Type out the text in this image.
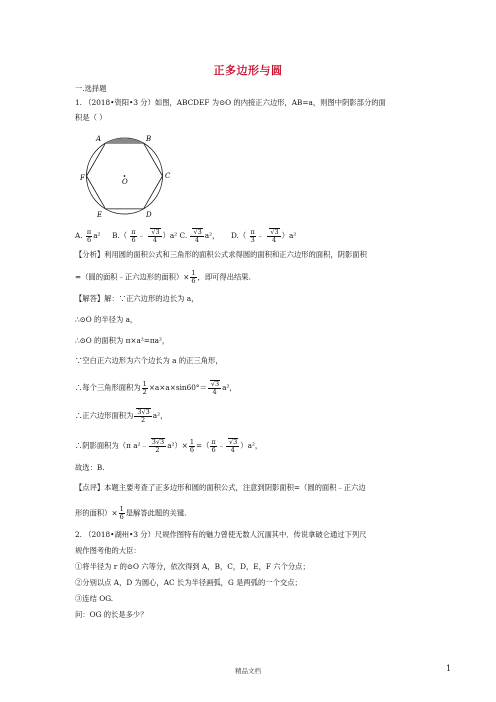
正多边形与圆
一.选择题
1. （2018•资阳•3 分）如图，ABCDEF 为⊙O 的内接正六边形，AB=a，则图中阴影部分的面
积是（ ）
A	B
C
D
E
F	O
A. $\frac{\pi}{6} a^2$ $B.( \frac{\pi}{6}$ ﹣ $\frac{√3}{4} )a^2$ C. $\frac{√3}{4} a^2$， $D.( \frac{\pi}{3}$ ﹣ $\frac{√3}{4} )a^2$
【分析】利用圆的面积公式和三角形的面积公式求得圆的面积和正六边形的面积，阴影面积
=（圆的面积﹣正六边形的面积）× $\frac{1}{6}$ ，即可得出结果.
【解答】解：∵正六边形的边长为 a，
∴⊙O 的半径为 a，
∴⊙O 的面积为 π×a²=πa²，
∵空白正六边形为六个边长为 a 的正三角形，
∴每个三角形面积为 $\frac{1}{2} \times a\times a\times\sin 60^\circ= \frac{√3}{4} a^2$，
∴正六边形面积为 $\frac{3√3}{2} a^2$，
∴阴影面积为（π a²﹣ $\frac{3√3}{2} a^2)\times \frac{1}{6}$ =（ $\frac{\pi}{6}$ ﹣ $\frac{√3}{4} )a^2$，
故选：B.
【点评】本题主要考查了正多边形和圆的面积公式，注意到阴影面积=（圆的面积﹣正六边
形的面积）× $\frac{1}{6}$ 是解答此题的关键.
2. （2018•湖州•3 分）尺规作图特有的魅力曾使无数人沉湎其中．传说拿破仑通过下列尺
规作图考他的大臣：
①将半径为 r 的⊙O 六等分，依次得到 A，B，C，D，E，F 六个分点；
②分别以点 A，D 为圆心，AC 长为半径画弧，G 是两弧的一个交点；
③连结 OG.
问：OG 的长是多少？
精品文档	1
